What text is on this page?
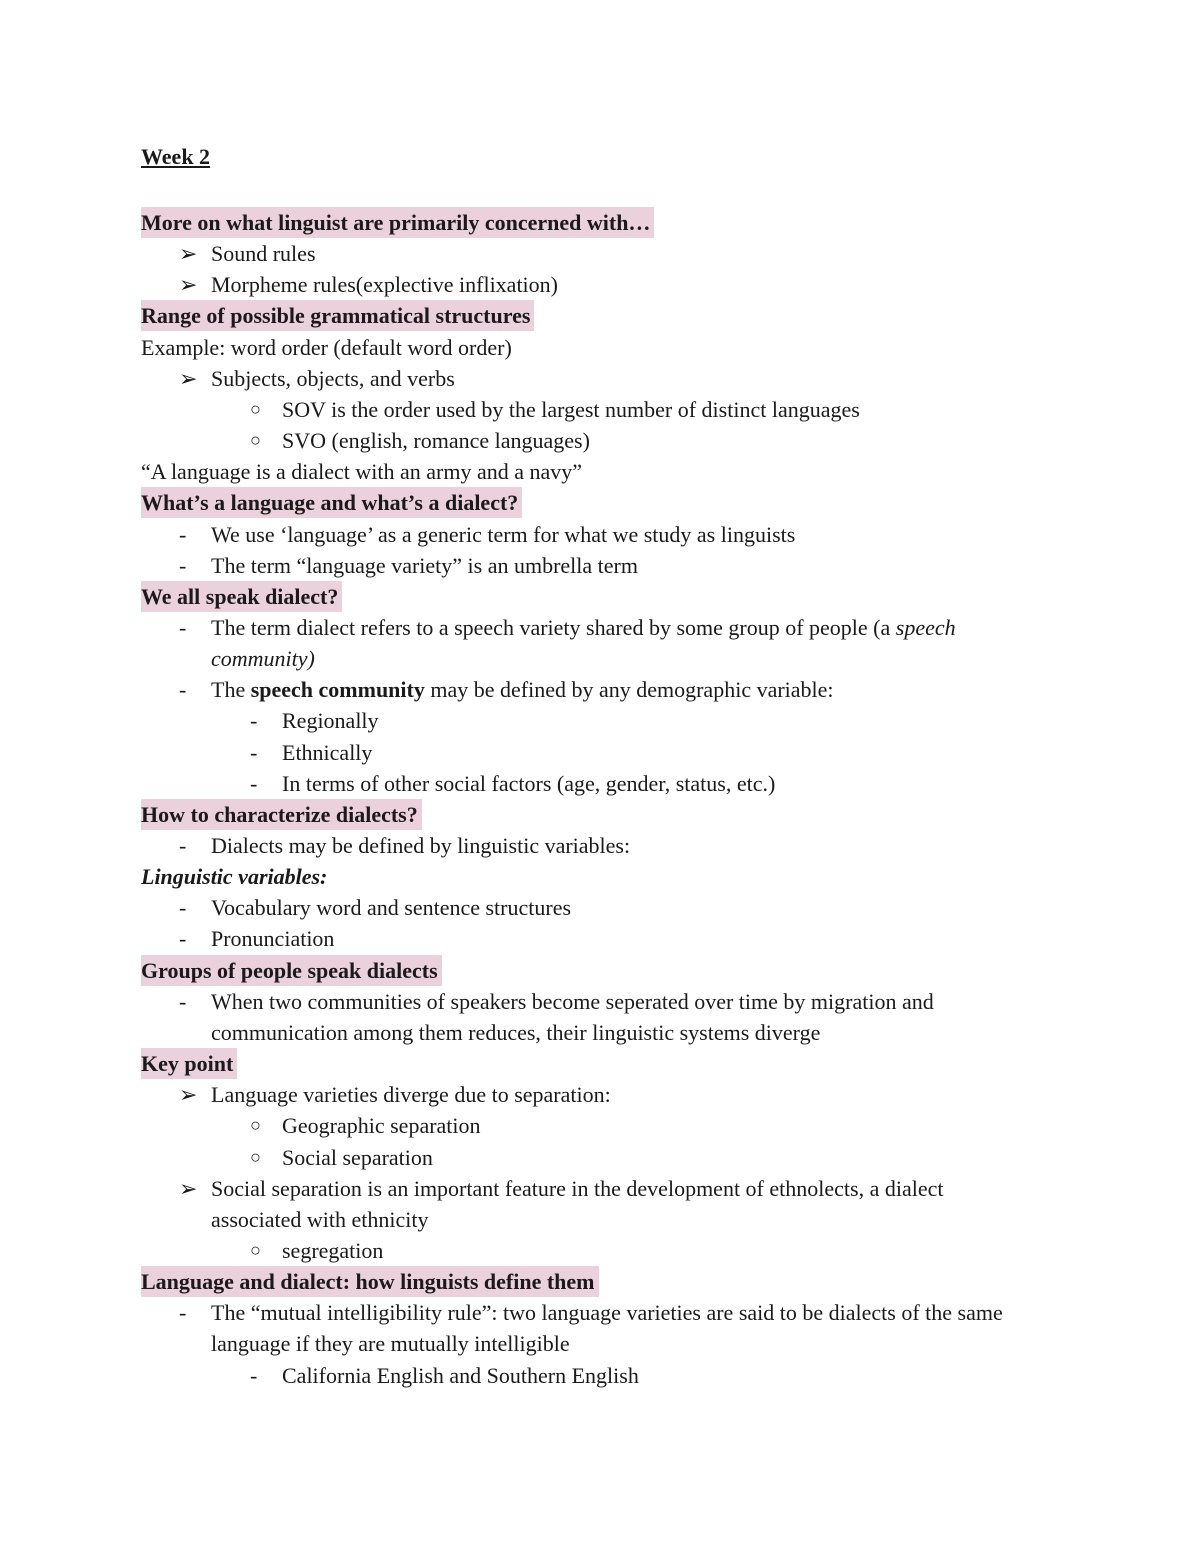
Week 2
More on what linguist are primarily concerned with…
➢ Sound rules
➢ Morpheme rules(explective inflixation)
Range of possible grammatical structures
Example: word order (default word order)
➢ Subjects, objects, and verbs
○ SOV is the order used by the largest number of distinct languages
○ SVO (english, romance languages)
“A language is a dialect with an army and a navy”
What’s a language and what’s a dialect?
- We use ‘language’ as a generic term for what we study as linguists
- The term “language variety” is an umbrella term
We all speak dialect?
- The term dialect refers to a speech variety shared by some group of people (a speech
community)
- The speech community may be defined by any demographic variable:
- Regionally
- Ethnically
- In terms of other social factors (age, gender, status, etc.)
How to characterize dialects?
- Dialects may be defined by linguistic variables:
Linguistic variables:
- Vocabulary word and sentence structures
- Pronunciation
Groups of people speak dialects
- When two communities of speakers become seperated over time by migration and
communication among them reduces, their linguistic systems diverge
Key point
➢ Language varieties diverge due to separation:
○ Geographic separation
○ Social separation
➢ Social separation is an important feature in the development of ethnolects, a dialect
associated with ethnicity
○ segregation
Language and dialect: how linguists define them
- The “mutual intelligibility rule”: two language varieties are said to be dialects of the same
language if they are mutually intelligible
- California English and Southern English
